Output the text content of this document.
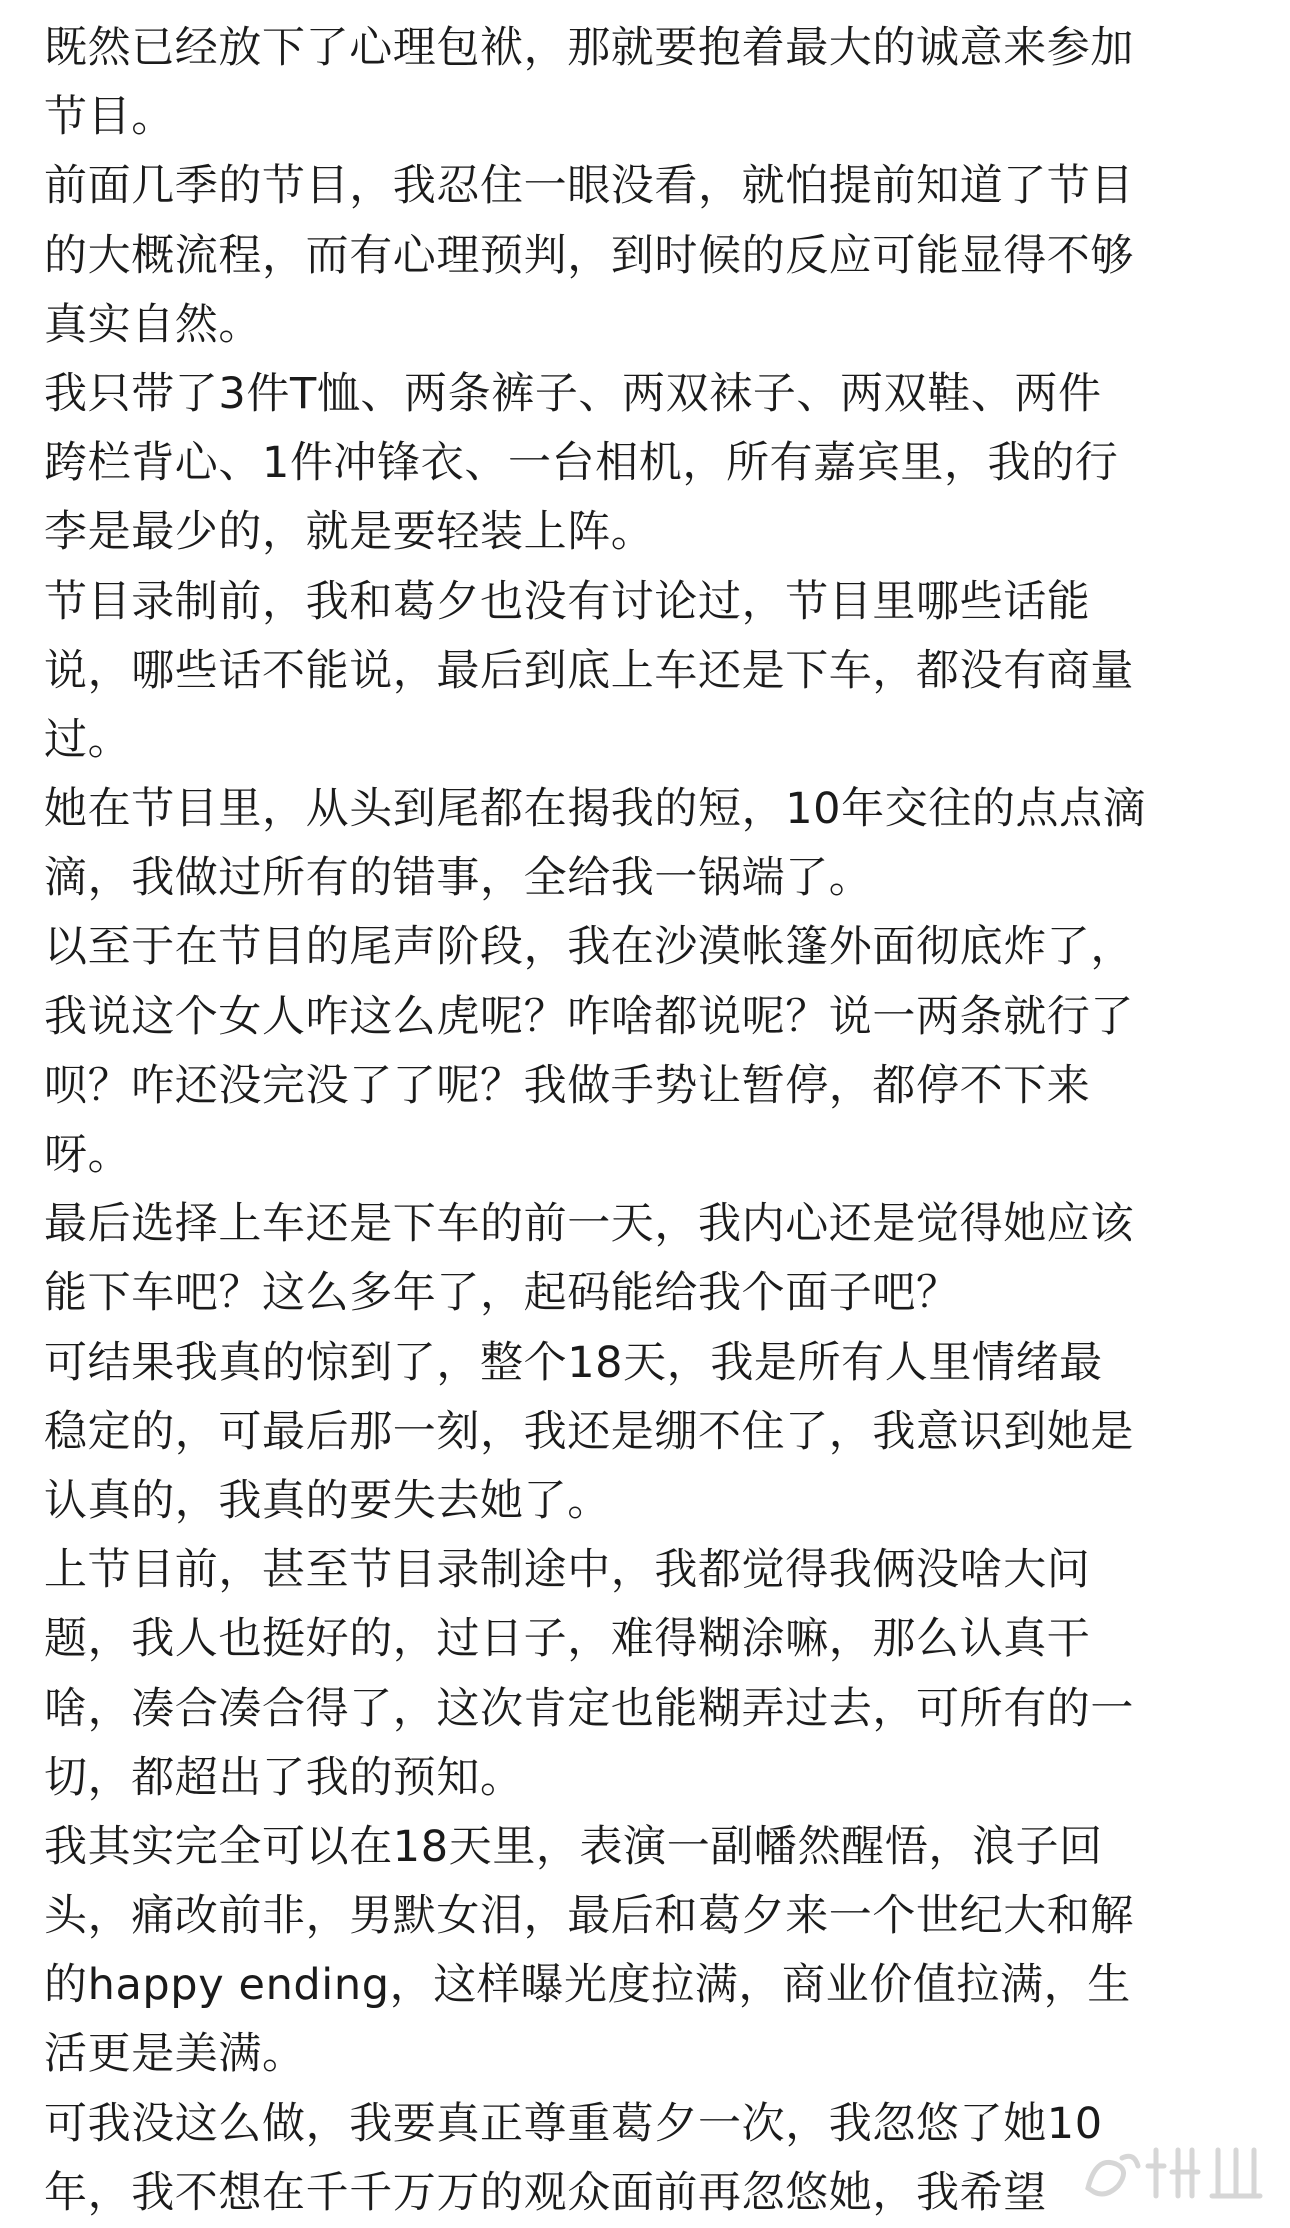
既然已经放下了心理包袱，那就要抱着最大的诚意来参加
节目。
前面几季的节目，我忍住一眼没看，就怕提前知道了节目
的大概流程，而有心理预判，到时候的反应可能显得不够
真实自然。
我只带了3件T恤、两条裤子、两双袜子、两双鞋、两件
跨栏背心、1件冲锋衣、一台相机，所有嘉宾里，我的行
李是最少的，就是要轻装上阵。
节目录制前，我和葛夕也没有讨论过，节目里哪些话能
说，哪些话不能说，最后到底上车还是下车，都没有商量
过。
她在节目里，从头到尾都在揭我的短，10年交往的点点滴
滴，我做过所有的错事，全给我一锅端了。
以至于在节目的尾声阶段，我在沙漠帐篷外面彻底炸了，
我说这个女人咋这么虎呢？咋啥都说呢？说一两条就行了
呗？咋还没完没了了呢？我做手势让暂停，都停不下来
呀。
最后选择上车还是下车的前一天，我内心还是觉得她应该
能下车吧？这么多年了，起码能给我个面子吧？
可结果我真的惊到了，整个18天，我是所有人里情绪最
稳定的，可最后那一刻，我还是绷不住了，我意识到她是
认真的，我真的要失去她了。
上节目前，甚至节目录制途中，我都觉得我俩没啥大问
题，我人也挺好的，过日子，难得糊涂嘛，那么认真干
啥，凑合凑合得了，这次肯定也能糊弄过去，可所有的一
切，都超出了我的预知。
我其实完全可以在18天里，表演一副幡然醒悟，浪子回
头，痛改前非，男默女泪，最后和葛夕来一个世纪大和解
的happy ending，这样曝光度拉满，商业价值拉满，生
活更是美满。
可我没这么做，我要真正尊重葛夕一次，我忽悠了她10
年，我不想在千千万万的观众面前再忽悠她，我希望
